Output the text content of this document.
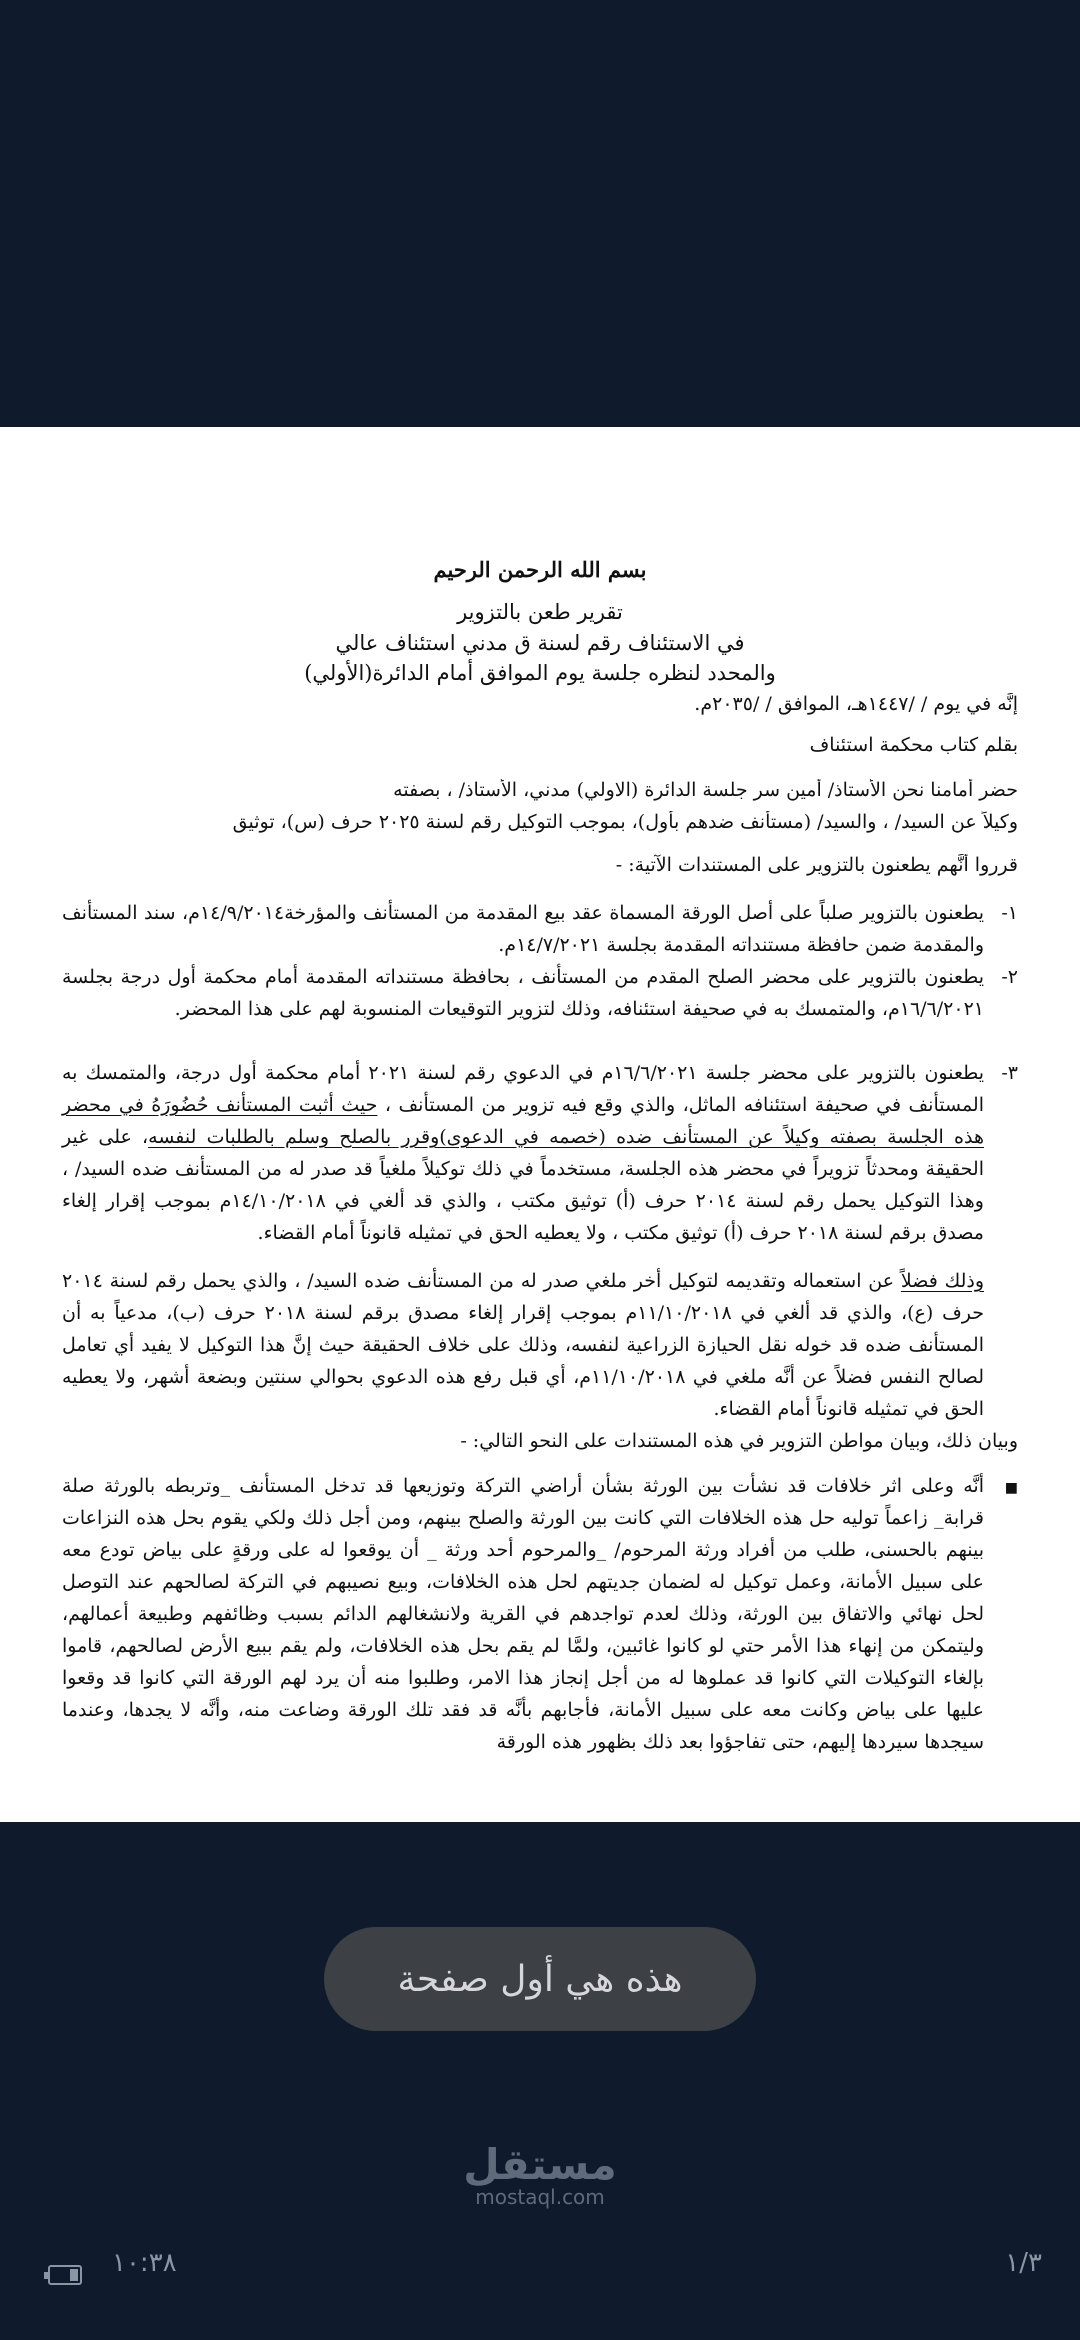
بسم الله الرحمن الرحيم
تقرير طعن بالتزوير
في الاستئناف رقم لسنة ق مدني استئناف عالي
والمحدد لنظره جلسة يوم الموافق أمام الدائرة(الأولي)
إنَّه في يوم / /١٤٤٧هـ، الموافق / /٢٠٣٥م.
بقلم كتاب محكمة استئناف
حضر أمامنا نحن الأستاذ/ أمين سر جلسة الدائرة (الاولي) مدني، الأستاذ/ ، بصفته
وكيلاً عن السيد/ ، والسيد/ (مستأنف ضدهم بأول)، بموجب التوكيل رقم لسنة ٢٠٢٥ حرف (س)، توثيق
قرروا أنَّهم يطعنون بالتزوير على المستندات الآتية: -
١-
يطعنون بالتزوير صلباً على أصل الورقة المسماة عقد بيع المقدمة من المستأنف والمؤرخة١٤/٩/٢٠١٤م، سند المستأنف والمقدمة ضمن حافظة مستنداته المقدمة بجلسة ١٤/٧/٢٠٢١م.
٢-
يطعنون بالتزوير على محضر الصلح المقدم من المستأنف ، بحافظة مستنداته المقدمة أمام محكمة أول درجة بجلسة ١٦/٦/٢٠٢١م، والمتمسك به في صحيفة استئنافه، وذلك لتزوير التوقيعات المنسوبة لهم على هذا المحضر.
٣-
يطعنون بالتزوير على محضر جلسة ١٦/٦/٢٠٢١م في الدعوي رقم لسنة ٢٠٢١ أمام محكمة أول درجة، والمتمسك به المستأنف في صحيفة استئنافه الماثل، والذي وقع فيه تزوير من المستأنف ، حيث أثبت المستأنف حُضُورَهُ في محضر هذه الجلسة بصفته وكيلاً عن المستأنف ضده (خصمه في الدعوى)وقرر بالصلح وسلم بالطلبات لنفسه، على غير الحقيقة ومحدثاً تزويراً في محضر هذه الجلسة، مستخدماً في ذلك توكيلاً ملغياً قد صدر له من المستأنف ضده السيد/ ، وهذا التوكيل يحمل رقم لسنة ٢٠١٤ حرف (أ) توثيق مكتب ، والذي قد ألغي في ١٤/١٠/٢٠١٨م بموجب إقرار إلغاء مصدق برقم لسنة ٢٠١٨ حرف (أ) توثيق مكتب ، ولا يعطيه الحق في تمثيله قانوناً أمام القضاء.
وذلك فضلاً عن استعماله وتقديمه لتوكيل أخر ملغي صدر له من المستأنف ضده السيد/ ، والذي يحمل رقم لسنة ٢٠١٤ حرف (ع)، والذي قد ألغي في ١١/١٠/٢٠١٨م بموجب إقرار إلغاء مصدق برقم لسنة ٢٠١٨ حرف (ب)، مدعياً به أن المستأنف ضده قد خوله نقل الحيازة الزراعية لنفسه، وذلك على خلاف الحقيقة حيث إنَّ هذا التوكيل لا يفيد أي تعامل لصالح النفس فضلاً عن أنَّه ملغي في ١١/١٠/٢٠١٨م، أي قبل رفع هذه الدعوي بحوالي سنتين وبضعة أشهر، ولا يعطيه الحق في تمثيله قانوناً أمام القضاء.
وبيان ذلك، وبيان مواطن التزوير في هذه المستندات على النحو التالي: -
■
أنَّه وعلى اثر خلافات قد نشأت بين الورثة بشأن أراضي التركة وتوزيعها قد تدخل المستأنف _وتربطه بالورثة صلة قرابة_ زاعماً توليه حل هذه الخلافات التي كانت بين الورثة والصلح بينهم، ومن أجل ذلك ولكي يقوم بحل هذه النزاعات بينهم بالحسنى، طلب من أفراد ورثة المرحوم/ _والمرحوم أحد ورثة _ أن يوقعوا له على ورقةٍ على بياض تودع معه على سبيل الأمانة، وعمل توكيل له لضمان جديتهم لحل هذه الخلافات، وبيع نصيبهم في التركة لصالحهم عند التوصل لحل نهائي والاتفاق بين الورثة، وذلك لعدم تواجدهم في القرية ولانشغالهم الدائم بسبب وظائفهم وطبيعة أعمالهم، وليتمكن من إنهاء هذا الأمر حتي لو كانوا غائبين، ولمَّا لم يقم بحل هذه الخلافات، ولم يقم ببيع الأرض لصالحهم، قاموا بإلغاء التوكيلات التي كانوا قد عملوها له من أجل إنجاز هذا الامر، وطلبوا منه أن يرد لهم الورقة التي كانوا قد وقعوا عليها على بياض وكانت معه على سبيل الأمانة، فأجابهم بأنَّه قد فقد تلك الورقة وضاعت منه، وأنَّه لا يجدها، وعندما سيجدها سيردها إليهم، حتى تفاجؤوا بعد ذلك بظهور هذه الورقة
هذه هي أول صفحة
مستقل
mostaql.com
١٠:٣٨	١/٣
